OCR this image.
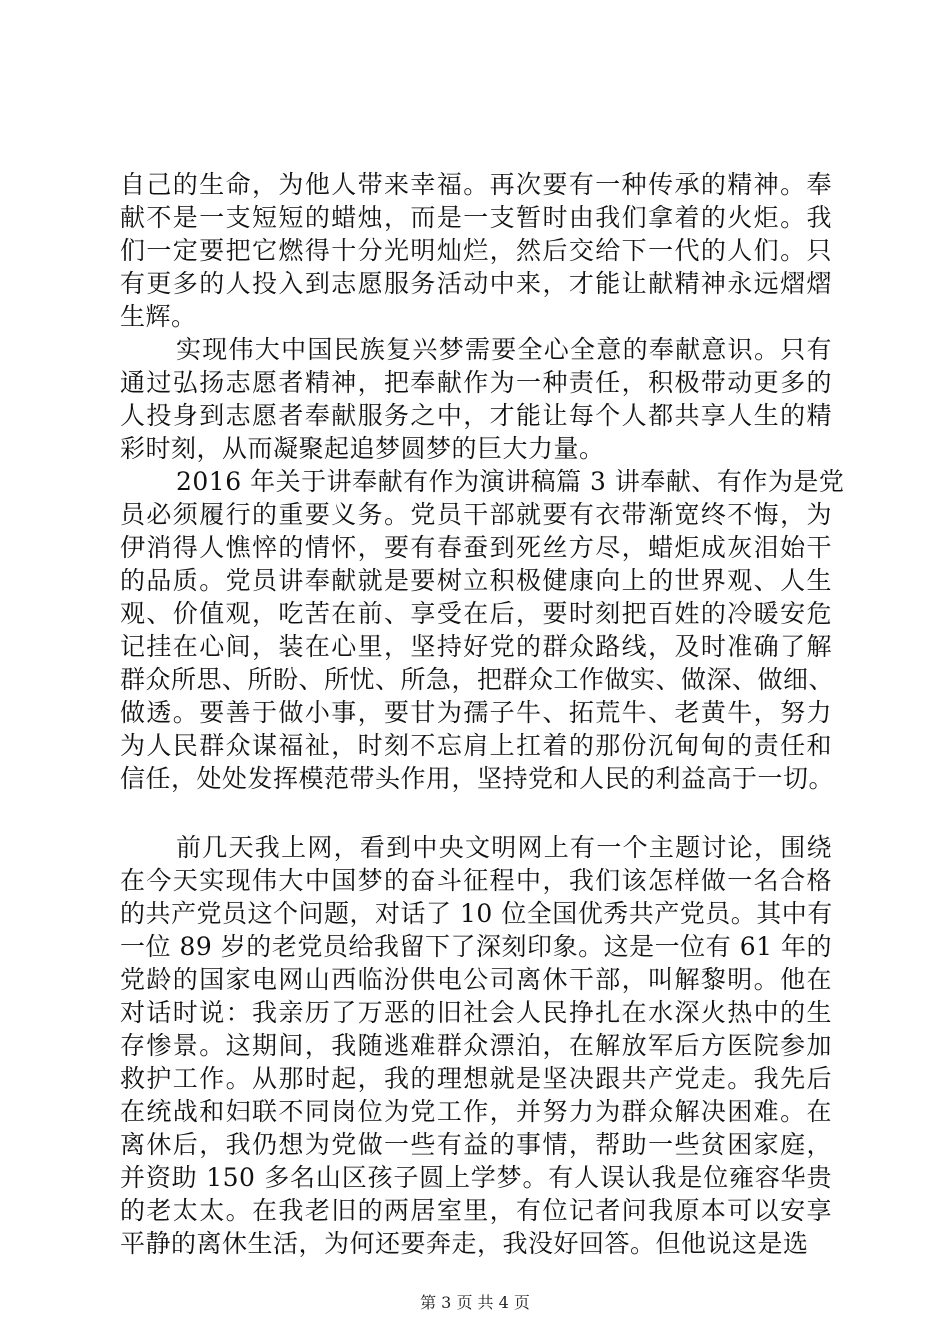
自己的生命，为他人带来幸福。再次要有一种传承的精神。奉
献不是一支短短的蜡烛，而是一支暂时由我们拿着的火炬。我
们一定要把它燃得十分光明灿烂，然后交给下一代的人们。只
有更多的人投入到志愿服务活动中来，才能让献精神永远熠熠
生辉。
实现伟大中国民族复兴梦需要全心全意的奉献意识。只有
通过弘扬志愿者精神，把奉献作为一种责任，积极带动更多的
人投身到志愿者奉献服务之中，才能让每个人都共享人生的精
彩时刻，从而凝聚起追梦圆梦的巨大力量。
2016 年关于讲奉献有作为演讲稿篇 3 讲奉献、有作为是党
员必须履行的重要义务。党员干部就要有衣带渐宽终不悔，为
伊消得人憔悴的情怀，要有春蚕到死丝方尽，蜡炬成灰泪始干
的品质。党员讲奉献就是要树立积极健康向上的世界观、人生
观、价值观，吃苦在前、享受在后，要时刻把百姓的冷暖安危
记挂在心间，装在心里，坚持好党的群众路线，及时准确了解
群众所思、所盼、所忧、所急，把群众工作做实、做深、做细、
做透。要善于做小事，要甘为孺子牛、拓荒牛、老黄牛，努力
为人民群众谋福祉，时刻不忘肩上扛着的那份沉甸甸的责任和
信任，处处发挥模范带头作用，坚持党和人民的利益高于一切。
前几天我上网，看到中央文明网上有一个主题讨论，围绕
在今天实现伟大中国梦的奋斗征程中，我们该怎样做一名合格
的共产党员这个问题，对话了 10 位全国优秀共产党员。其中有
一位 89 岁的老党员给我留下了深刻印象。这是一位有 61 年的
党龄的国家电网山西临汾供电公司离休干部，叫解黎明。他在
对话时说：我亲历了万恶的旧社会人民挣扎在水深火热中的生
存惨景。这期间，我随逃难群众漂泊，在解放军后方医院参加
救护工作。从那时起，我的理想就是坚决跟共产党走。我先后
在统战和妇联不同岗位为党工作，并努力为群众解决困难。在
离休后，我仍想为党做一些有益的事情，帮助一些贫困家庭，
并资助 150 多名山区孩子圆上学梦。有人误认我是位雍容华贵
的老太太。在我老旧的两居室里，有位记者问我原本可以安享
平静的离休生活，为何还要奔走，我没好回答。但他说这是选
第 3 页 共 4 页
